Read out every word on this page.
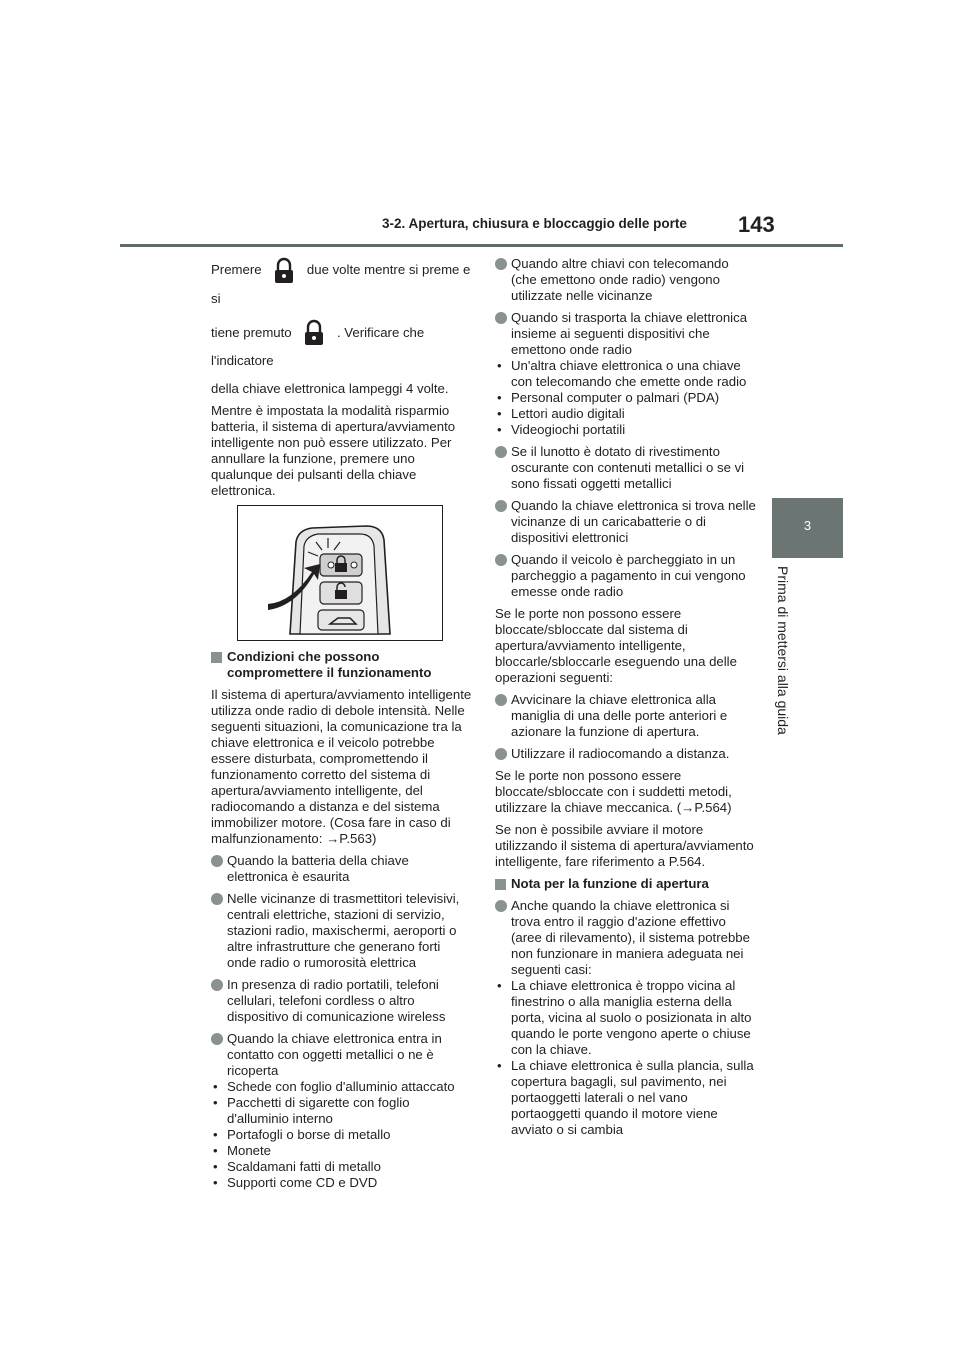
3-2. Apertura, chiusura e bloccaggio delle porte 143
3
Prima di mettersi alla guida
Premere	due volte mentre si preme e si
tiene premuto	. Verificare che l'indicatore

della chiave elettronica lampeggi 4 volte.

Mentre è impostata la modalità risparmio batteria, il sistema di apertura/avviamento intelligente non può essere utilizzato. Per annullare la funzione, premere uno qualunque dei pulsanti della chiave elettronica.

Condizioni che possono compromettere il funzionamento

Il sistema di apertura/avviamento intelligente utilizza onde radio di debole intensità. Nelle seguenti situazioni, la comunicazione tra la chiave elettronica e il veicolo potrebbe essere disturbata, compromettendo il funzionamento corretto del sistema di apertura/avviamento intelligente, del radiocomando a distanza e del sistema immobilizer motore. (Cosa fare in caso di malfunzionamento: →P.563)

Quando la batteria della chiave elettronica è esaurita
Nelle vicinanze di trasmettitori televisivi, centrali elettriche, stazioni di servizio, stazioni radio, maxischermi, aeroporti o altre infrastrutture che generano forti onde radio o rumorosità elettrica
In presenza di radio portatili, telefoni cellulari, telefoni cordless o altro dispositivo di comunicazione wireless
Quando la chiave elettronica entra in contatto con oggetti metallici o ne è ricoperta
• Schede con foglio d'alluminio attaccato
• Pacchetti di sigarette con foglio d'alluminio interno
• Portafogli o borse di metallo
• Monete
• Scaldamani fatti di metallo
• Supporti come CD e DVD
Quando altre chiavi con telecomando (che emettono onde radio) vengono utilizzate nelle vicinanze
Quando si trasporta la chiave elettronica insieme ai seguenti dispositivi che emettono onde radio
• Un'altra chiave elettronica o una chiave con telecomando che emette onde radio
• Personal computer o palmari (PDA)
• Lettori audio digitali
• Videogiochi portatili
Se il lunotto è dotato di rivestimento oscurante con contenuti metallici o se vi sono fissati oggetti metallici
Quando la chiave elettronica si trova nelle vicinanze di un caricabatterie o di dispositivi elettronici
Quando il veicolo è parcheggiato in un parcheggio a pagamento in cui vengono emesse onde radio

Se le porte non possono essere bloccate/sbloccate dal sistema di apertura/avviamento intelligente, bloccarle/sbloccarle eseguendo una delle operazioni seguenti:

Avvicinare la chiave elettronica alla maniglia di una delle porte anteriori e azionare la funzione di apertura.
Utilizzare il radiocomando a distanza.

Se le porte non possono essere bloccate/sbloccate con i suddetti metodi, utilizzare la chiave meccanica. (→P.564)

Se non è possibile avviare il motore utilizzando il sistema di apertura/avviamento intelligente, fare riferimento a P.564.

Nota per la funzione di apertura
Anche quando la chiave elettronica si trova entro il raggio d'azione effettivo (aree di rilevamento), il sistema potrebbe non funzionare in maniera adeguata nei seguenti casi:
• La chiave elettronica è troppo vicina al finestrino o alla maniglia esterna della porta, vicina al suolo o posizionata in alto quando le porte vengono aperte o chiuse con la chiave.
• La chiave elettronica è sulla plancia, sulla copertura bagagli, sul pavimento, nei portaoggetti laterali o nel vano portaoggetti quando il motore viene avviato o si cambia
